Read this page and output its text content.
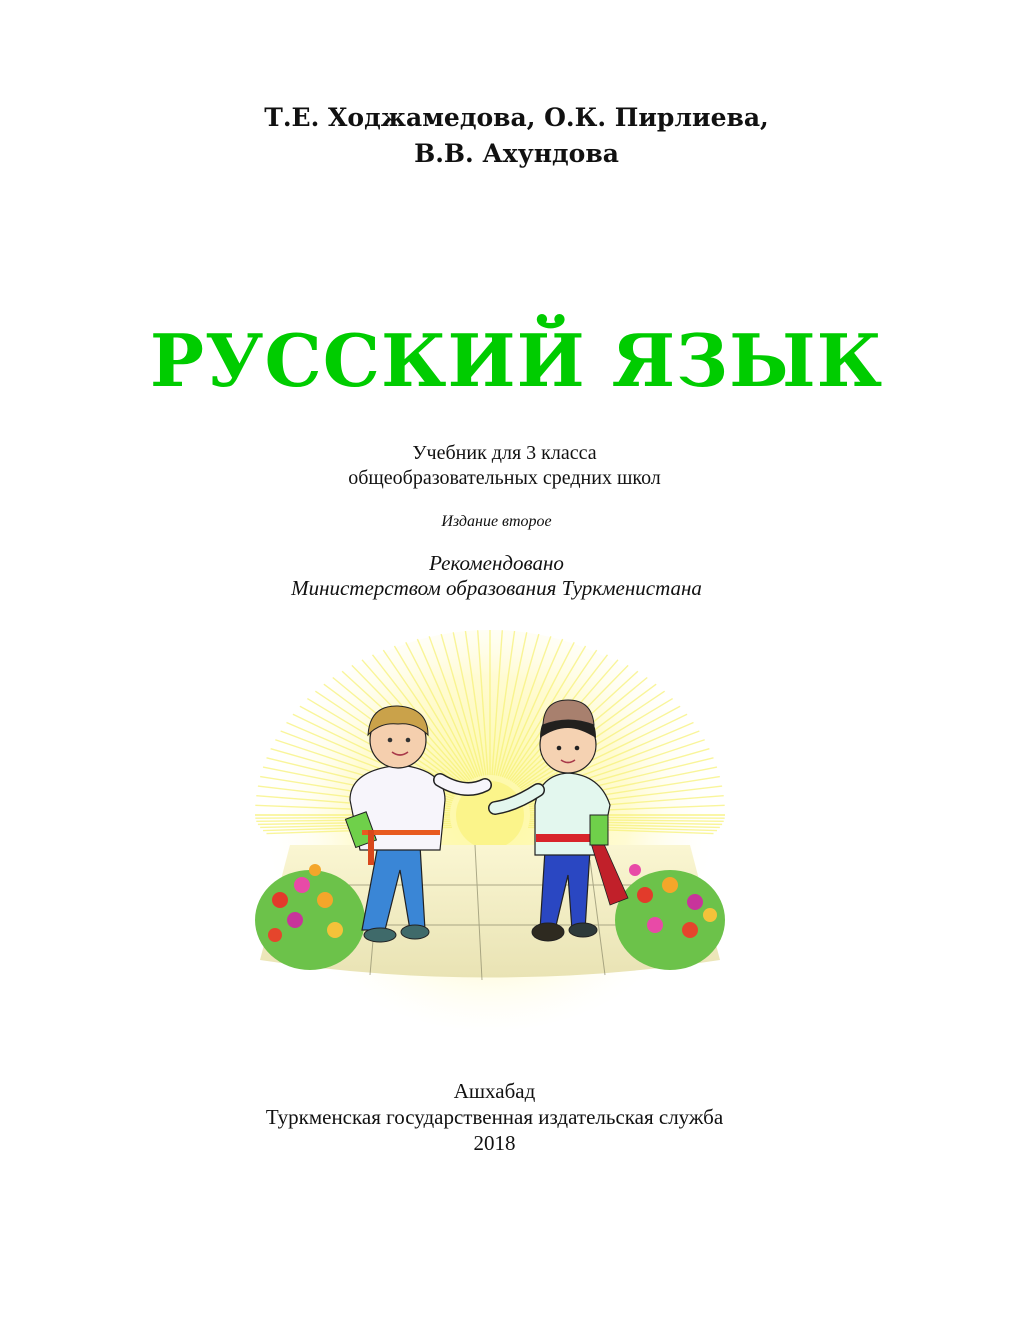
Т.Е. Ходжамедова, О.К. Пирлиева,
В.В. Ахундова
РУССКИЙ ЯЗЫК
Учебник для 3 класса
общеобразовательных средних школ
Издание второе
Рекомендовано
Министерством образования Туркменистана
Ашхабад
Туркменская государственная издательская служба
2018
